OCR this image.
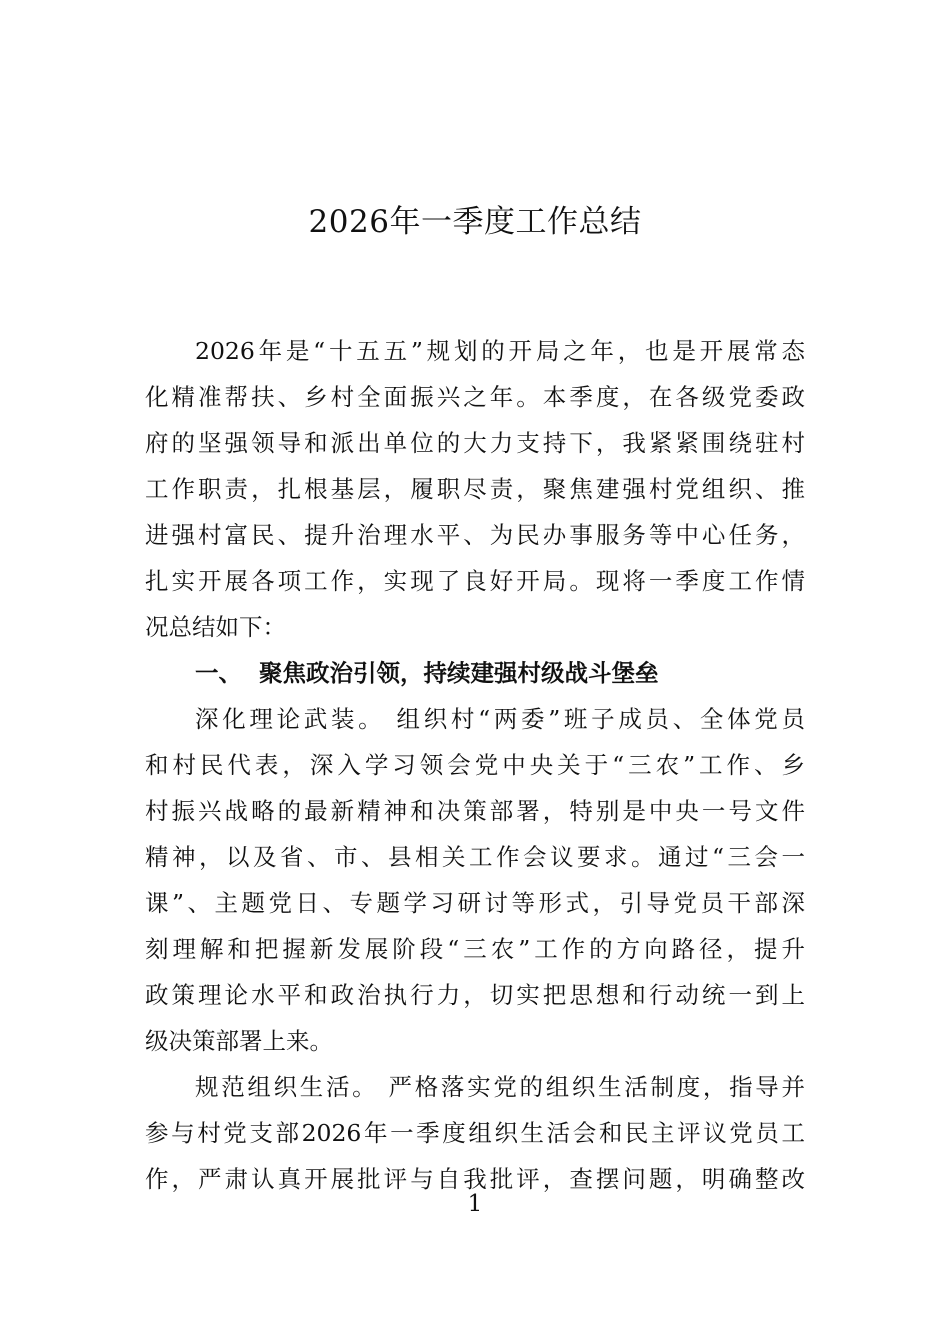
2026年一季度工作总结
2026年是“十五五”规划的开局之年，也是开展常态
化精准帮扶、乡村全面振兴之年。本季度，在各级党委政
府的坚强领导和派出单位的大力支持下，我紧紧围绕驻村
工作职责，扎根基层，履职尽责，聚焦建强村党组织、推
进强村富民、提升治理水平、为民办事服务等中心任务，
扎实开展各项工作，实现了良好开局。现将一季度工作情
况总结如下：
一、 聚焦政治引领，持续建强村级战斗堡垒
深化理论武装。 组织村“两委”班子成员、全体党员
和村民代表，深入学习领会党中央关于“三农”工作、乡
村振兴战略的最新精神和决策部署，特别是中央一号文件
精神，以及省、市、县相关工作会议要求。通过“三会一
课”、主题党日、专题学习研讨等形式，引导党员干部深
刻理解和把握新发展阶段“三农”工作的方向路径，提升
政策理论水平和政治执行力，切实把思想和行动统一到上
级决策部署上来。
规范组织生活。 严格落实党的组织生活制度，指导并
参与村党支部2026年一季度组织生活会和民主评议党员工
作，严肃认真开展批评与自我批评，查摆问题，明确整改
1
